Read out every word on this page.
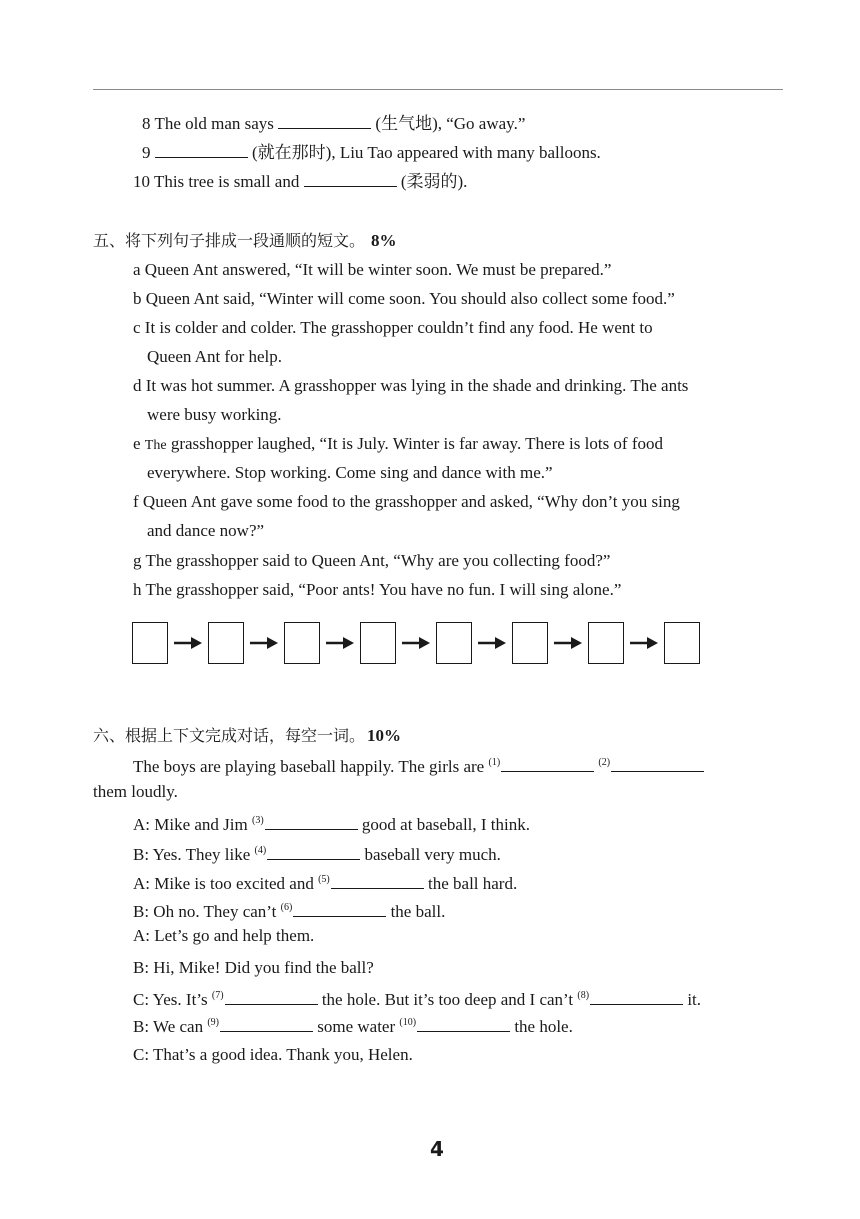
8 The old man says	(生气地), “Go away.”
9	(就在那时), Liu Tao appeared with many balloons.
10 This tree is small and	(柔弱的).
五、将下列句子排成一段通顺的短文。 8%
a Queen Ant answered, “It will be winter soon. We must be prepared.”
b Queen Ant said, “Winter will come soon. You should also collect some food.”
c It is colder and colder. The grasshopper couldn’t find any food. He went to
Queen Ant for help.
d It was hot summer. A grasshopper was lying in the shade and drinking. The ants
were busy working.
e The grasshopper laughed, “It is July. Winter is far away. There is lots of food
everywhere. Stop working. Come sing and dance with me.”
f Queen Ant gave some food to the grasshopper and asked, “Why don’t you sing
and dance now?”
g The grasshopper said to Queen Ant, “Why are you collecting food?”
h The grasshopper said, “Poor ants! You have no fun. I will sing alone.”
六、根据上下文完成对话，每空一词。 10%
The boys are playing baseball happily. The girls are $^{(1)}$	$^{(2)}$
them loudly.
A: Mike and Jim $^{(3)}$	good at baseball, I think.
B: Yes. They like $^{(4)}$	baseball very much.
A: Mike is too excited and $^{(5)}$	the ball hard.
B: Oh no. They can’t $^{(6)}$	the ball.
A: Let’s go and help them.
B: Hi, Mike! Did you find the ball?
C: Yes. It’s $^{(7)}$	the hole. But it’s too deep and I can’t $^{(8)}$	it.
B: We can $^{(9)}$	some water $^{(10)}$	the hole.
C: That’s a good idea. Thank you, Helen.
4
